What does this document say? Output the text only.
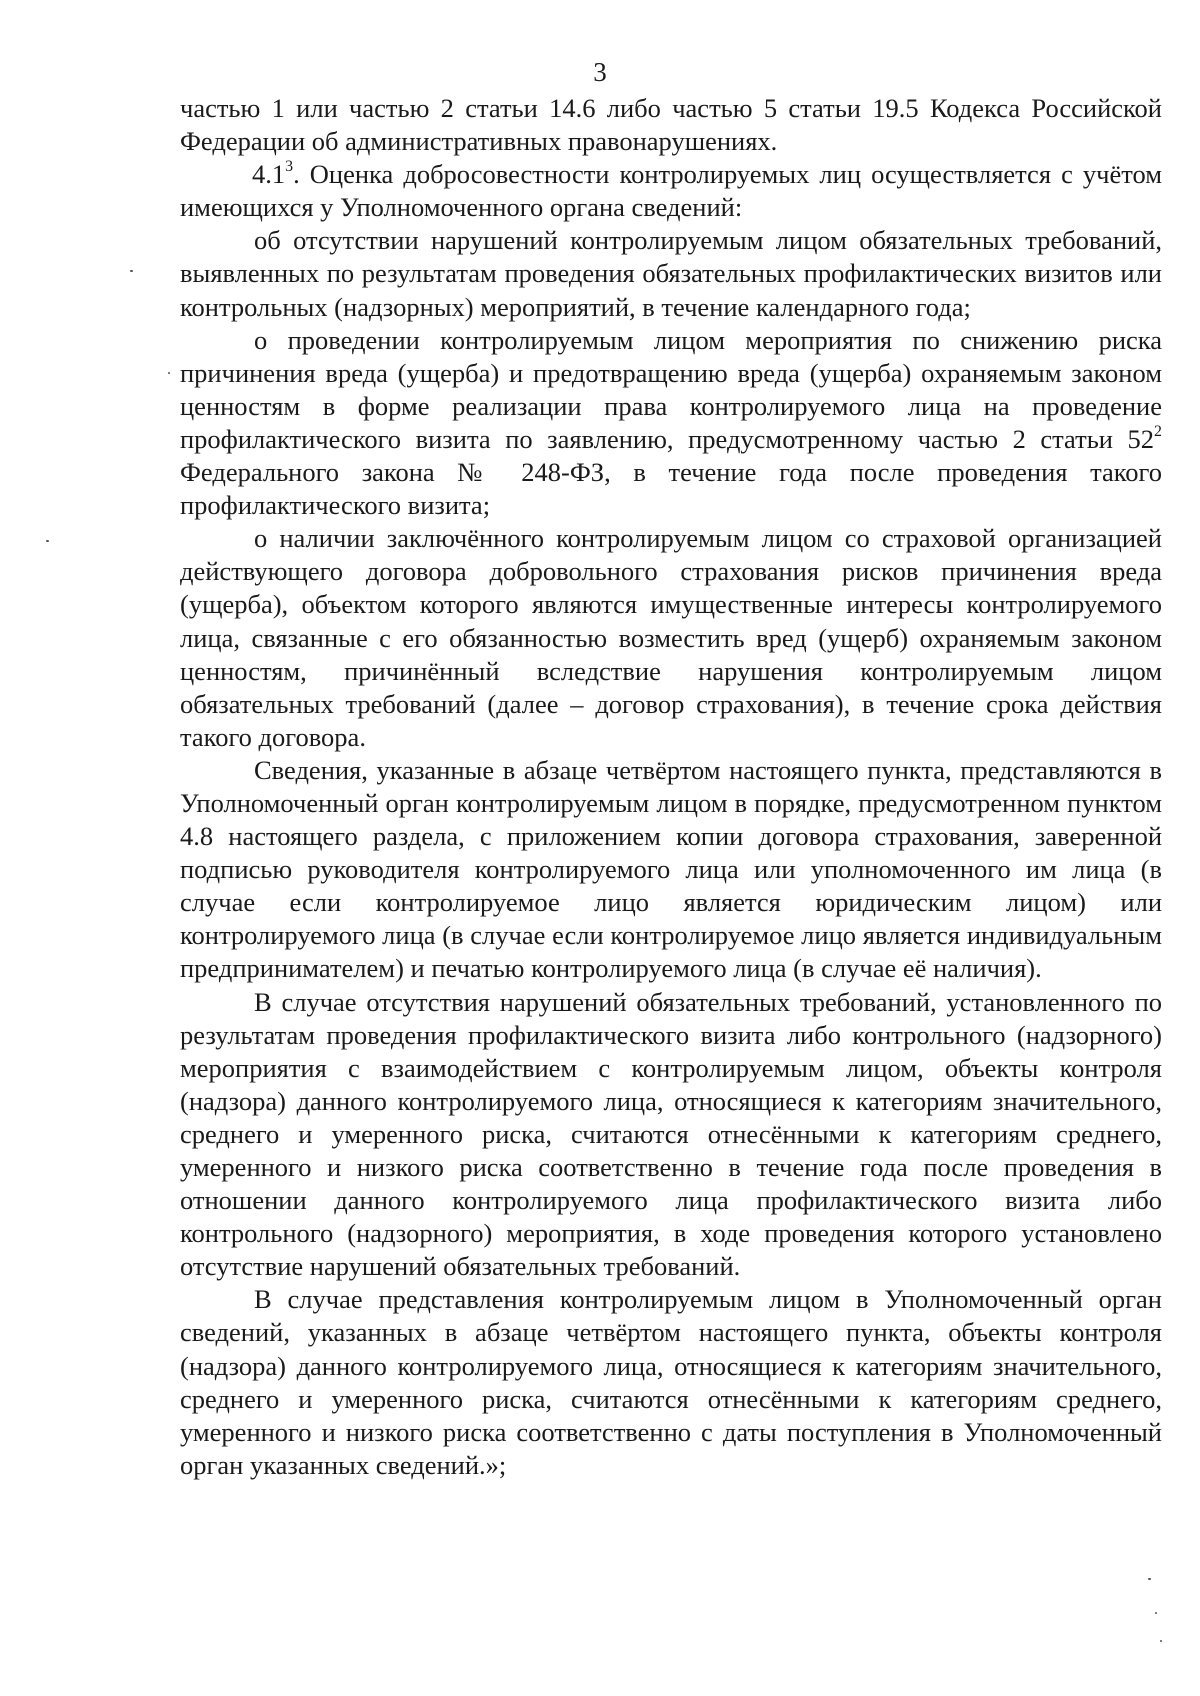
3

частью 1 или частью 2 статьи 14.6 либо частью 5 статьи 19.5 Кодекса Российской Федерации об административных правонарушениях.

$4.1^3$. Оценка добросовестности контролируемых лиц осуществляется с учётом имеющихся у Уполномоченного органа сведений:

об отсутствии нарушений контролируемым лицом обязательных требований, выявленных по результатам проведения обязательных профилактических визитов или контрольных (надзорных) мероприятий, в течение календарного года;

о проведении контролируемым лицом мероприятия по снижению риска причинения вреда (ущерба) и предотвращению вреда (ущерба) охраняемым законом ценностям в форме реализации права контролируемого лица на проведение профилактического визита по заявлению, предусмотренному частью 2 статьи $52^2$ Федерального закона № 248-ФЗ, в течение года после проведения такого профилактического визита;

о наличии заключённого контролируемым лицом со страховой организацией действующего договора добровольного страхования рисков причинения вреда (ущерба), объектом которого являются имущественные интересы контролируемого лица, связанные с его обязанностью возместить вред (ущерб) охраняемым законом ценностям, причинённый вследствие нарушения контролируемым лицом обязательных требований (далее – договор страхования), в течение срока действия такого договора.

Сведения, указанные в абзаце четвёртом настоящего пункта, представляются в Уполномоченный орган контролируемым лицом в порядке, предусмотренном пунктом 4.8 настоящего раздела, с приложением копии договора страхования, заверенной подписью руководителя контролируемого лица или уполномоченного им лица (в случае если контролируемое лицо является юридическим лицом) или контролируемого лица (в случае если контролируемое лицо является индивидуальным предпринимателем) и печатью контролируемого лица (в случае её наличия).

В случае отсутствия нарушений обязательных требований, установленного по результатам проведения профилактического визита либо контрольного (надзорного) мероприятия с взаимодействием с контролируемым лицом, объекты контроля (надзора) данного контролируемого лица, относящиеся к категориям значительного, среднего и умеренного риска, считаются отнесёнными к категориям среднего, умеренного и низкого риска соответственно в течение года после проведения в отношении данного контролируемого лица профилактического визита либо контрольного (надзорного) мероприятия, в ходе проведения которого установлено отсутствие нарушений обязательных требований.

В случае представления контролируемым лицом в Уполномоченный орган сведений, указанных в абзаце четвёртом настоящего пункта, объекты контроля (надзора) данного контролируемого лица, относящиеся к категориям значительного, среднего и умеренного риска, считаются отнесёнными к категориям среднего, умеренного и низкого риска соответственно с даты поступления в Уполномоченный орган указанных сведений.»;
